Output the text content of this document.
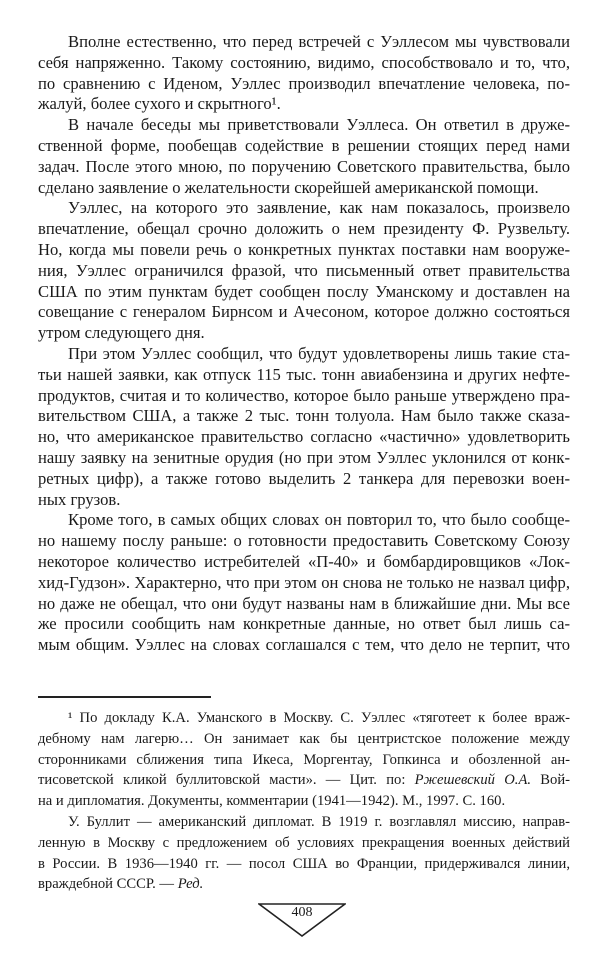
Вполне естественно, что перед встречей с Уэллесом мы чувствовали
себя напряженно. Такому состоянию, видимо, способствовало и то, что,
по сравнению с Иденом, Уэллес производил впечатление человека, по-
жалуй, более сухого и скрытного¹.
В начале беседы мы приветствовали Уэллеса. Он ответил в друже-
ственной форме, пообещав содействие в решении стоящих перед нами
задач. После этого мною, по поручению Советского правительства, было
сделано заявление о желательности скорейшей американской помощи.
Уэллес, на которого это заявление, как нам показалось, произвело
впечатление, обещал срочно доложить о нем президенту Ф. Рузвельту.
Но, когда мы повели речь о конкретных пунктах поставки нам вооруже-
ния, Уэллес ограничился фразой, что письменный ответ правительства
США по этим пунктам будет сообщен послу Уманскому и доставлен на
совещание с генералом Бирнсом и Ачесоном, которое должно состояться
утром следующего дня.
При этом Уэллес сообщил, что будут удовлетворены лишь такие ста-
тьи нашей заявки, как отпуск 115 тыс. тонн авиабензина и других нефте-
продуктов, считая и то количество, которое было раньше утверждено пра-
вительством США, а также 2 тыс. тонн толуола. Нам было также сказа-
но, что американское правительство согласно «частично» удовлетворить
нашу заявку на зенитные орудия (но при этом Уэллес уклонился от конк-
ретных цифр), а также готово выделить 2 танкера для перевозки воен-
ных грузов.
Кроме того, в самых общих словах он повторил то, что было сообще-
но нашему послу раньше: о готовности предоставить Советскому Союзу
некоторое количество истребителей «П-40» и бомбардировщиков «Лок-
хид-Гудзон». Характерно, что при этом он снова не только не назвал цифр,
но даже не обещал, что они будут названы нам в ближайшие дни. Мы все
же просили сообщить нам конкретные данные, но ответ был лишь са-
мым общим. Уэллес на словах соглашался с тем, что дело не терпит, что
¹ По докладу К.А. Уманского в Москву. С. Уэллес «тяготеет к более враж-
дебному нам лагерю… Он занимает как бы центристское положение между
сторонниками сближения типа Икеса, Моргентау, Гопкинса и обозленной ан-
тисоветской кликой буллитовской масти». — Цит. по: Ржешевский О.А. Вой-
на и дипломатия. Документы, комментарии (1941—1942). М., 1997. С. 160.
У. Буллит — американский дипломат. В 1919 г. возглавлял миссию, направ-
ленную в Москву с предложением об условиях прекращения военных действий
в России. В 1936—1940 гг. — посол США во Франции, придерживался линии,
враждебной СССР. — Ред.
408
